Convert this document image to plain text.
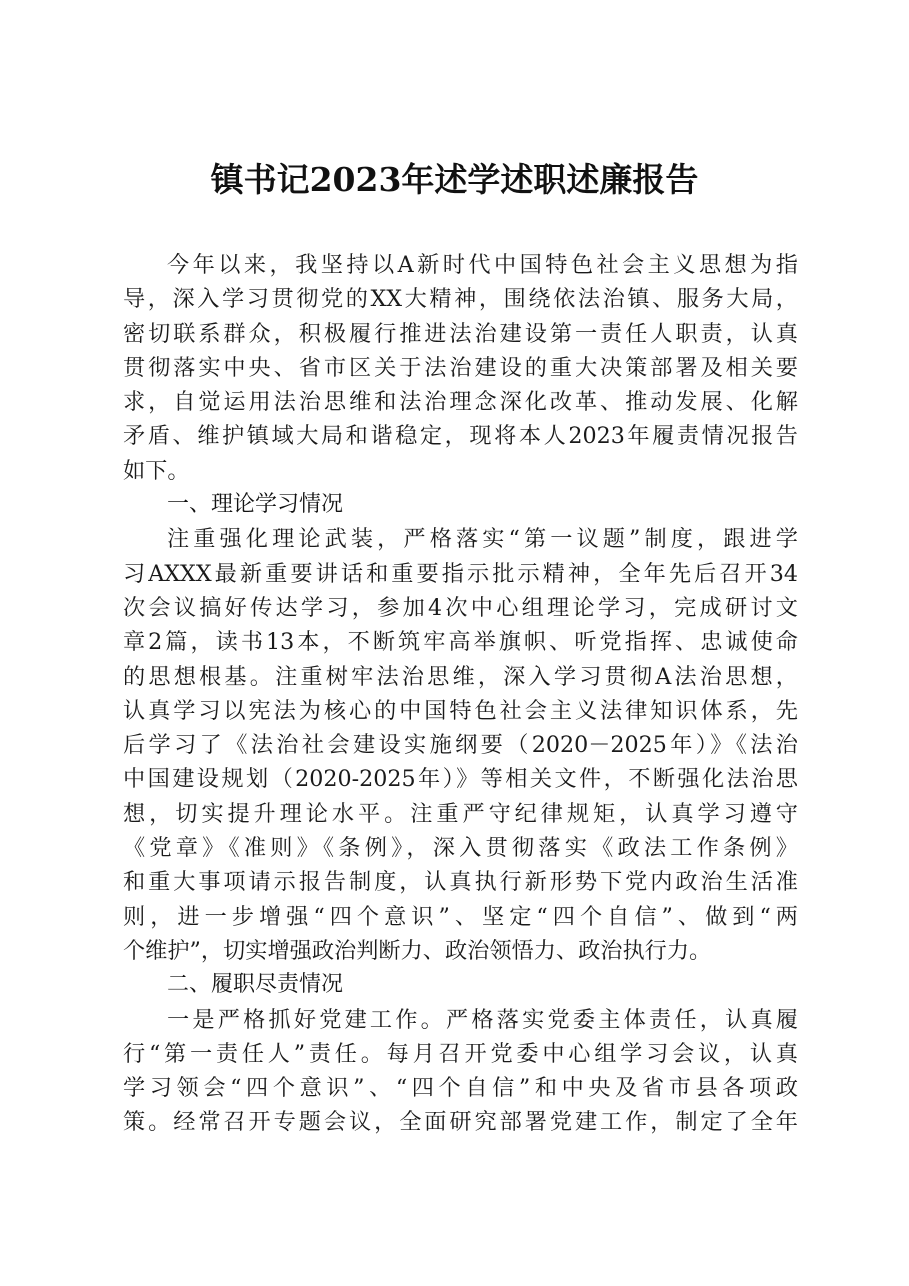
镇书记2023年述学述职述廉报告
今年以来，我坚持以A新时代中国特色社会主义思想为指
导，深入学习贯彻党的XX大精神，围绕依法治镇、服务大局，
密切联系群众，积极履行推进法治建设第一责任人职责，认真
贯彻落实中央、省市区关于法治建设的重大决策部署及相关要
求，自觉运用法治思维和法治理念深化改革、推动发展、化解
矛盾、维护镇域大局和谐稳定，现将本人2023年履责情况报告
如下。
一、理论学习情况
注重强化理论武装，严格落实“第一议题”制度，跟进学
习AXXX最新重要讲话和重要指示批示精神，全年先后召开34
次会议搞好传达学习，参加4次中心组理论学习，完成研讨文
章2篇，读书13本，不断筑牢高举旗帜、听党指挥、忠诚使命
的思想根基。注重树牢法治思维，深入学习贯彻A法治思想，
认真学习以宪法为核心的中国特色社会主义法律知识体系，先
后学习了《法治社会建设实施纲要（2020－2025年）》《法治
中国建设规划（2020-2025年）》等相关文件，不断强化法治思
想，切实提升理论水平。注重严守纪律规矩，认真学习遵守
《党章》《准则》《条例》，深入贯彻落实《政法工作条例》
和重大事项请示报告制度，认真执行新形势下党内政治生活准
则，进一步增强“四个意识”、坚定“四个自信”、做到“两
个维护”，切实增强政治判断力、政治领悟力、政治执行力。
二、履职尽责情况
一是严格抓好党建工作。严格落实党委主体责任，认真履
行“第一责任人”责任。每月召开党委中心组学习会议，认真
学习领会“四个意识”、“四个自信”和中央及省市县各项政
策。经常召开专题会议，全面研究部署党建工作，制定了全年
